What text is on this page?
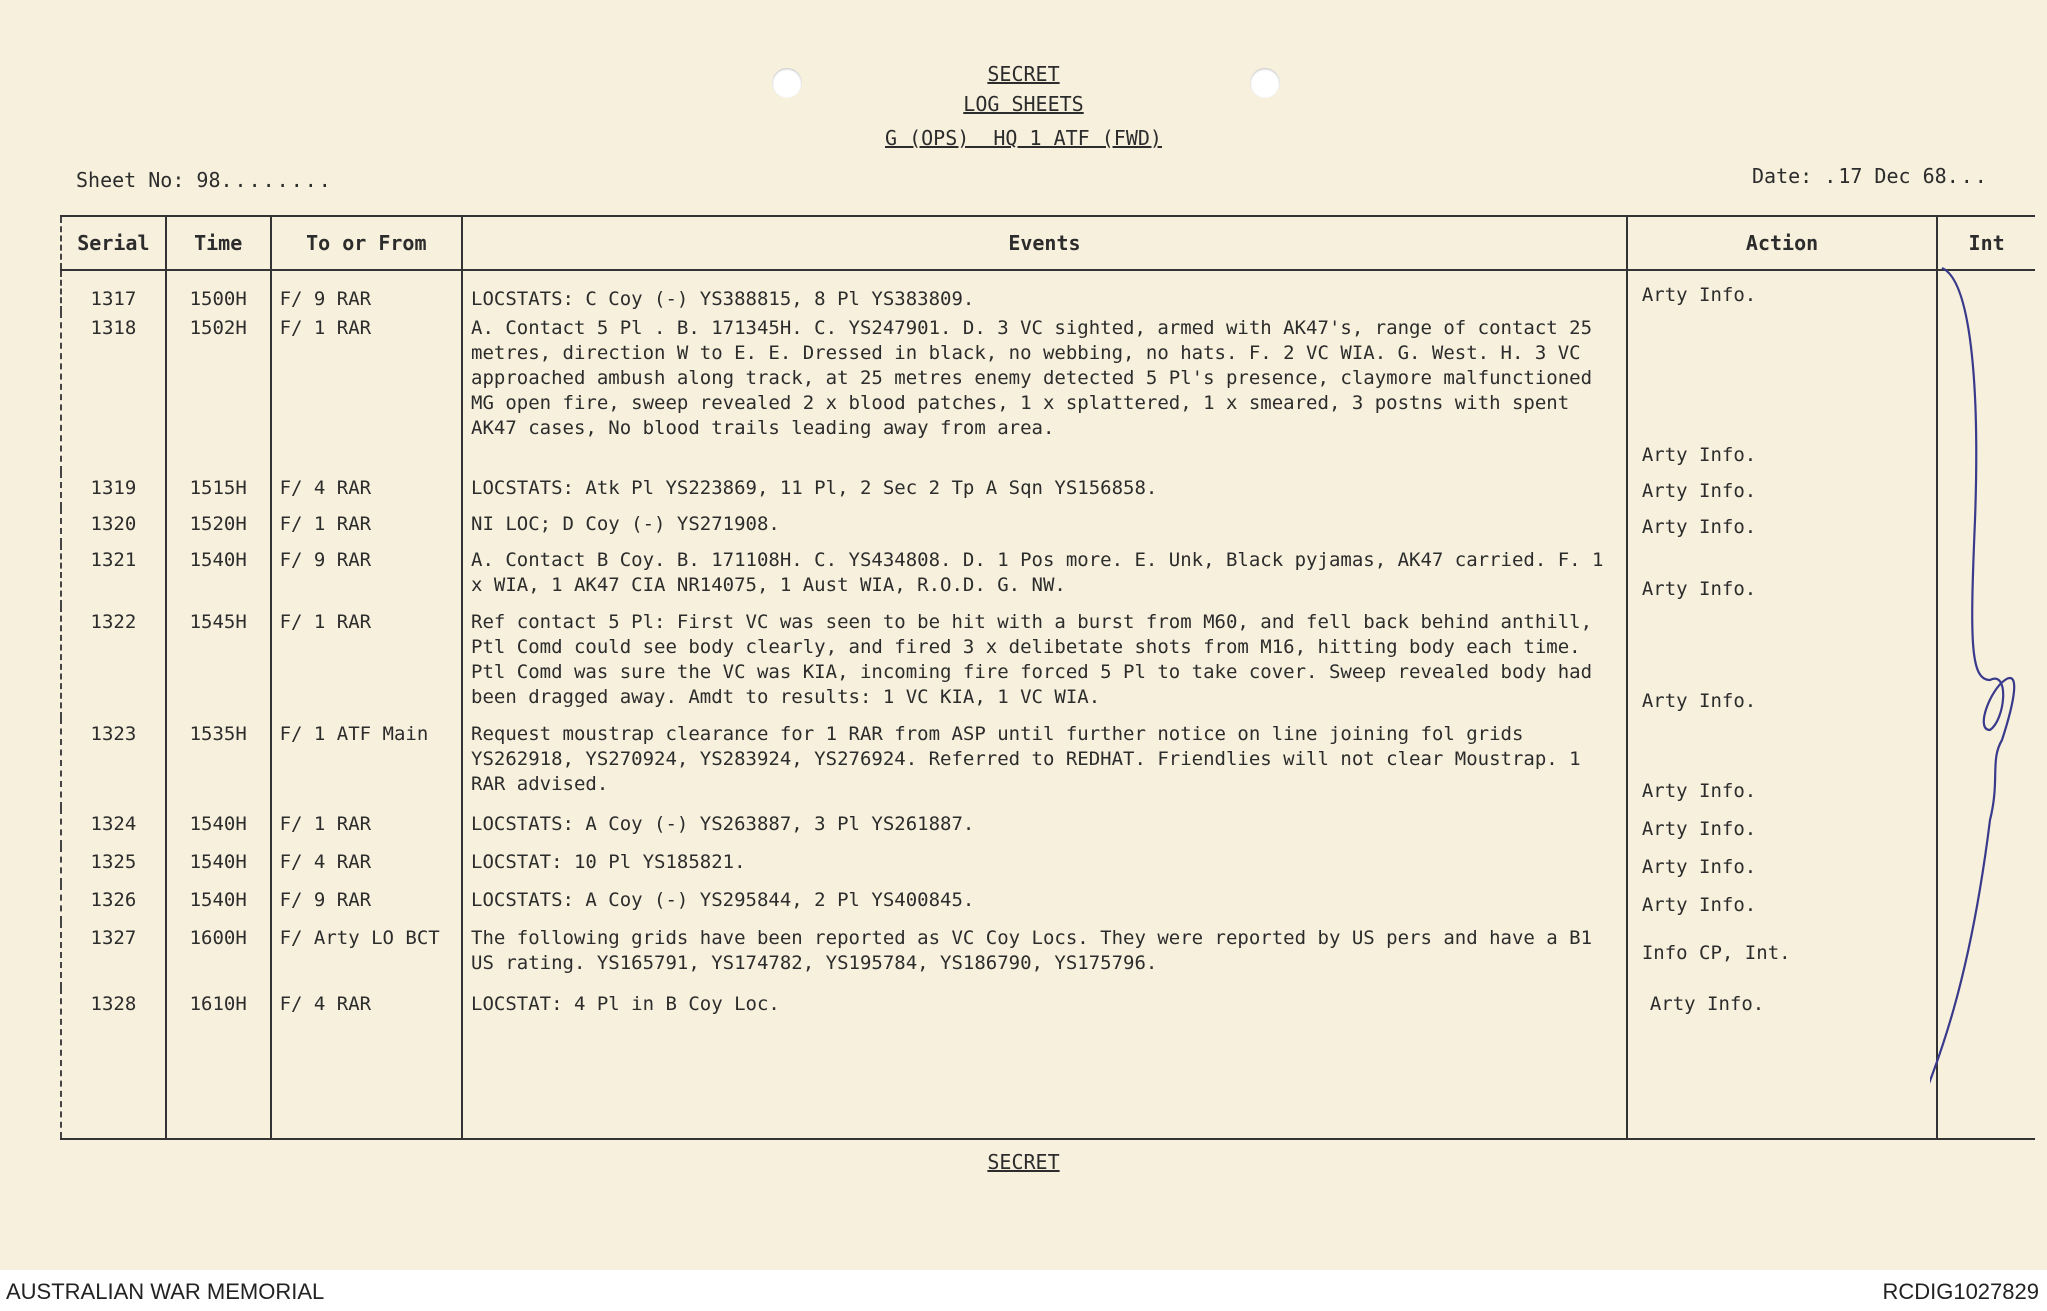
SECRET
LOG SHEETS
G (OPS)  HQ 1 ATF (FWD)
Sheet No: 98........	Date: .17 Dec 68...
Serial	Time	To or From	Events	Action	Int
1317	1500H	F/ 9 RAR	LOCSTATS: C Coy (-) YS388815, 8 Pl YS383809.	Arty Info.	

1318	1502H	F/ 1 RAR	A. Contact 5 Pl . B. 171345H. C. YS247901. D. 3 VC sighted, armed with AK47's, range of contact 25 metres, direction W to E. E. Dressed in black, no webbing, no hats. F. 2 VC WIA. G. West. H. 3 VC approached ambush along track, at 25 metres enemy detected 5 Pl's presence, claymore malfunctioned MG open fire, sweep revealed 2 x blood patches, 1 x splattered, 1 x smeared, 3 postns with spent AK47 cases, No blood trails leading away from area.	Arty Info.	

1319	1515H	F/ 4 RAR	LOCSTATS: Atk Pl YS223869, 11 Pl, 2 Sec 2 Tp A Sqn YS156858.	Arty Info.	

1320	1520H	F/ 1 RAR	NI LOC; D Coy (-) YS271908.	Arty Info.	

1321	1540H	F/ 9 RAR	A. Contact B Coy. B. 171108H. C. YS434808. D. 1 Pos more. E. Unk, Black pyjamas, AK47 carried. F. 1 x WIA, 1 AK47 CIA NR14075, 1 Aust WIA, R.O.D. G. NW.	Arty Info.	

1322	1545H	F/ 1 RAR	Ref contact 5 Pl: First VC was seen to be hit with a burst from M60, and fell back behind anthill, Ptl Comd could see body clearly, and fired 3 x delibetate shots from M16, hitting body each time. Ptl Comd was sure the VC was KIA, incoming fire forced 5 Pl to take cover. Sweep revealed body had been dragged away. Amdt to results: 1 VC KIA, 1 VC WIA.	Arty Info.	

1323	1535H	F/ 1 ATF Main	Request moustrap clearance for 1 RAR from ASP until further notice on line joining fol grids YS262918, YS270924, YS283924, YS276924. Referred to REDHAT. Friendlies will not clear Moustrap. 1 RAR advised.	Arty Info.	

1324	1540H	F/ 1 RAR	LOCSTATS: A Coy (-) YS263887, 3 Pl YS261887.	Arty Info.	

1325	1540H	F/ 4 RAR	LOCSTAT: 10 Pl YS185821.	Arty Info.	

1326	1540H	F/ 9 RAR	LOCSTATS: A Coy (-) YS295844, 2 Pl YS400845.	Arty Info.	

1327	1600H	F/ Arty LO BCT	The following grids have been reported as VC Coy Locs. They were reported by US pers and have a B1 US rating. YS165791, YS174782, YS195784, YS186790, YS175796.	Info CP, Int.	

1328	1610H	F/ 4 RAR	LOCSTAT: 4 Pl in B Coy Loc.	Arty Info.	
SECRET
AUSTRALIAN WAR MEMORIAL	RCDIG1027829
